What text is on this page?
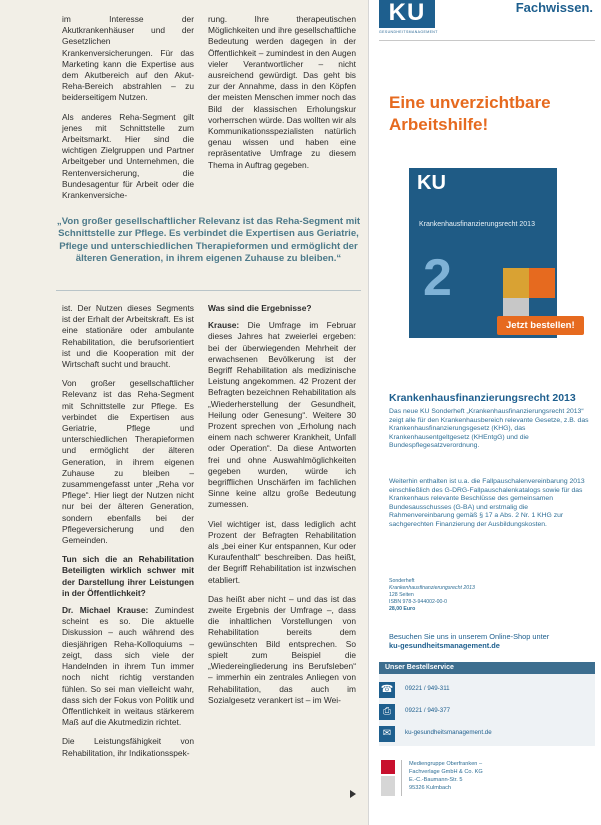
im Interesse der Akutkrankenhäuser und der Gesetzlichen Krankenversicherungen. Für das Marketing kann die Expertise aus dem Akutbereich auf den Akut-Reha-Bereich abstrahlen – zu beiderseitigem Nutzen.

Als anderes Reha-Segment gilt jenes mit Schnittstelle zum Arbeitsmarkt. Hier sind die wichtigen Zielgruppen und Partner Arbeitgeber und Unternehmen, die Rentenversicherung, die Bundesagentur für Arbeit oder die Krankenversiche-

rung. Ihre therapeutischen Möglichkeiten und ihre gesellschaftliche Bedeutung werden dagegen in der Öffentlichkeit – zumindest in den Augen vieler Verantwortlicher – nicht ausreichend gewürdigt. Das geht bis zur der Annahme, dass in den Köpfen der meisten Menschen immer noch das Bild der klassischen Erholungskur vorherrschen würde. Das wollten wir als Kommunikationsspezialisten natürlich genau wissen und haben eine repräsentative Umfrage zu diesem Thema in Auftrag gegeben.

„Von großer gesellschaftlicher Relevanz ist das Reha-Segment mit Schnittstelle zur Pflege. Es verbindet die Expertisen aus Geriatrie, Pflege und unterschiedlichen Therapieformen und ermöglicht der älteren Generation, in ihrem eigenen Zuhause zu bleiben.“

ist. Der Nutzen dieses Segments ist der Erhalt der Arbeitskraft. Es ist eine stationäre oder ambulante Rehabilitation, die berufsorientiert ist und die Kooperation mit der Wirtschaft sucht und braucht.

Von großer gesellschaftlicher Relevanz ist das Reha-Segment mit Schnittstelle zur Pflege. Es verbindet die Expertisen aus Geriatrie, Pflege und unterschiedlichen Therapieformen und ermöglicht der älteren Generation, in ihrem eigenen Zuhause zu bleiben – zusammengefasst unter „Reha vor Pflege“. Hier liegt der Nutzen nicht nur bei der älteren Generation, sondern ebenfalls bei der Pflegeversicherung und den Gemeinden.

Tun sich die an Rehabilitation Beteiligten wirklich schwer mit der Darstellung ihrer Leistungen in der Öffentlichkeit?

Dr. Michael Krause: Zumindest scheint es so. Die aktuelle Diskussion – auch während des diesjährigen Reha-Kolloquiums – zeigt, dass sich viele der Handelnden in ihrem Tun immer noch nicht richtig verstanden fühlen. So sei man vielleicht wahr, dass sich der Fokus von Politik und Öffentlichkeit in weitaus stärkerem Maß auf die Akutmedizin richtet.

Die Leistungsfähigkeit von Rehabilitation, ihr Indikationsspek-

Was sind die Ergebnisse?

Krause: Die Umfrage im Februar dieses Jahres hat zweierlei ergeben: bei der überwiegenden Mehrheit der erwachsenen Bevölkerung ist der Begriff Rehabilitation als medizinische Leistung angekommen. 42 Prozent der Befragten bezeichnen Rehabilitation als „Wiederherstellung der Gesundheit, Heilung oder Genesung“. Weitere 30 Prozent sprechen von „Erholung nach einem nach schwerer Krankheit, Unfall oder Operation“. Da diese Antworten frei und ohne Auswahlmöglichkeiten gegeben wurden, würde ich begrifflichen Unschärfen im fachlichen Sinne keine allzu große Bedeutung zumessen.

Viel wichtiger ist, dass lediglich acht Prozent der Befragten Rehabilitation als „bei einer Kur entspannen, Kur oder Kuraufenthalt“ beschreiben. Das heißt, der Begriff Rehabilitation ist inzwischen etabliert.

Das heißt aber nicht – und das ist das zweite Ergebnis der Umfrage –, dass die inhaltlichen Vorstellungen von Rehabilitation bereits dem gewünschten Bild entsprechen. So spielt zum Beispiel die „Wiedereingliederung ins Berufsleben“ – immerhin ein zentrales Anliegen von Rehabilitation, das auch im Sozialgesetz verankert ist – im Wei-

KU
GESUNDHEITSMANAGEMENT
Fachwissen.
Eine unverzichtbare Arbeitshilfe!
KU
Krankenhausfinanzierungsrecht 2013
2
Jetzt bestellen!
Krankenhausfinanzierungsrecht 2013
Das neue KU Sonderheft „Krankenhausfinanzierungsrecht 2013“ zeigt alle für den Krankenhausbereich relevante Gesetze, z.B. das Krankenhausfinanzierungsgesetz (KHG), das Krankenhausentgeltgesetz (KHEntgG) und die Bundespflegesatzverordnung.
Weiterhin enthalten ist u.a. die Fallpauschalenvereinbarung 2013 einschließlich des G-DRG-Fallpauschalenkatalogs sowie für das Krankenhaus relevante Beschlüsse des gemeinsamen Bundesausschusses (G-BA) und erstmalig die Rahmenvereinbarung gemäß § 17 a Abs. 2 Nr. 1 KHG zur sachgerechten Finanzierung der Ausbildungskosten.
Sonderheft
Krankenhausfinanzierungsrecht 2013
128 Seiten
ISBN 978-3-944002-00-0
28,00 Euro
Besuchen Sie uns in unserem Online-Shop unter
ku-gesundheitsmanagement.de
Unser Bestellservice
☎ 09221 / 949-311
⎙	09221 / 949-377
✉	ku-gesundheitsmanagement.de
Mediengruppe Oberfranken –
Fachverlage GmbH & Co. KG
E.-C.-Baumann-Str. 5
95326 Kulmbach
